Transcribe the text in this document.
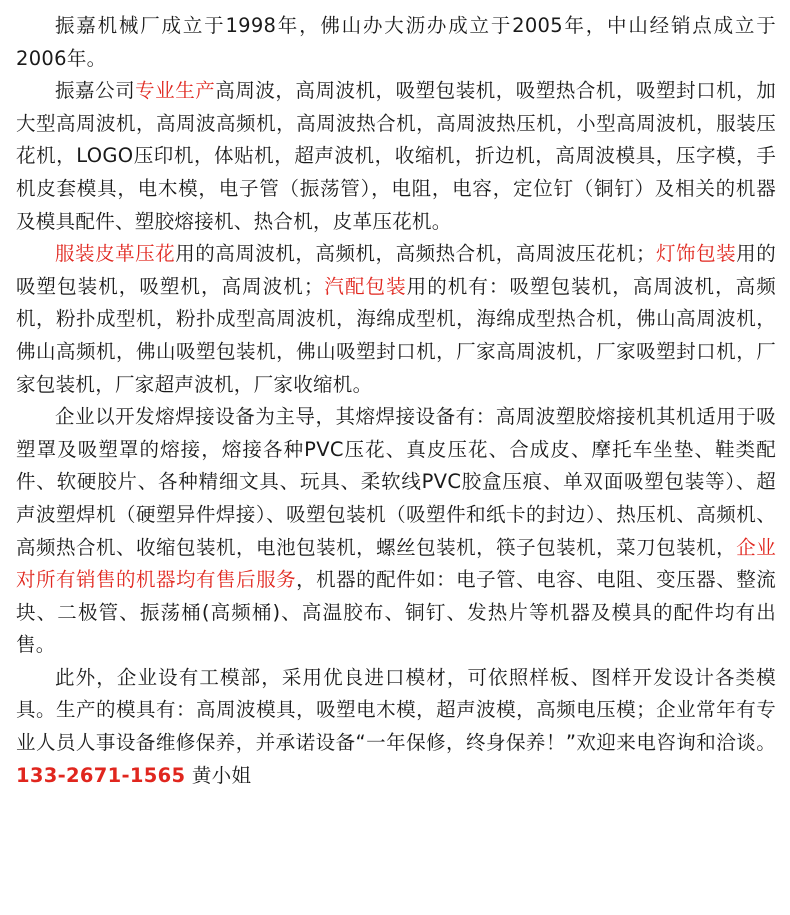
振嘉机械厂成立于1998年，佛山办大沥办成立于2005年，中山经销点成立于2006年。

振嘉公司专业生产高周波，高周波机，吸塑包装机，吸塑热合机，吸塑封口机，加大型高周波机，高周波高频机，高周波热合机，高周波热压机，小型高周波机，服装压花机，LOGO压印机，体贴机，超声波机，收缩机，折边机，高周波模具，压字模，手机皮套模具，电木模，电子管（振荡管），电阻，电容，定位钉（铜钉）及相关的机器及模具配件、塑胶熔接机、热合机，皮革压花机。

服装皮革压花用的高周波机，高频机，高频热合机，高周波压花机；灯饰包装用的吸塑包装机，吸塑机，高周波机；汽配包装用的机有：吸塑包装机，高周波机，高频机，粉扑成型机，粉扑成型高周波机，海绵成型机，海绵成型热合机，佛山高周波机，佛山高频机，佛山吸塑包装机，佛山吸塑封口机，厂家高周波机，厂家吸塑封口机，厂家包装机，厂家超声波机，厂家收缩机。

企业以开发熔焊接设备为主导，其熔焊接设备有：高周波塑胶熔接机其机适用于吸塑罩及吸塑罩的熔接，熔接各种PVC压花、真皮压花、合成皮、摩托车坐垫、鞋类配件、软硬胶片、各种精细文具、玩具、柔软线PVC胶盒压痕、单双面吸塑包装等）、超声波塑焊机（硬塑异件焊接）、吸塑包装机（吸塑件和纸卡的封边）、热压机、高频机、高频热合机、收缩包装机，电池包装机，螺丝包装机，筷子包装机，菜刀包装机，企业对所有销售的机器均有售后服务，机器的配件如：电子管、电容、电阻、变压器、整流块、二极管、振荡桶(高频桶)、高温胶布、铜钉、发热片等机器及模具的配件均有出售。

此外，企业设有工模部，采用优良进口模材，可依照样板、图样开发设计各类模具。生产的模具有：高周波模具，吸塑电木模，超声波模，高频电压模；企业常年有专业人员人事设备维修保养，并承诺设备“一年保修，终身保养！”欢迎来电咨询和洽谈。133-2671-1565 黄小姐
